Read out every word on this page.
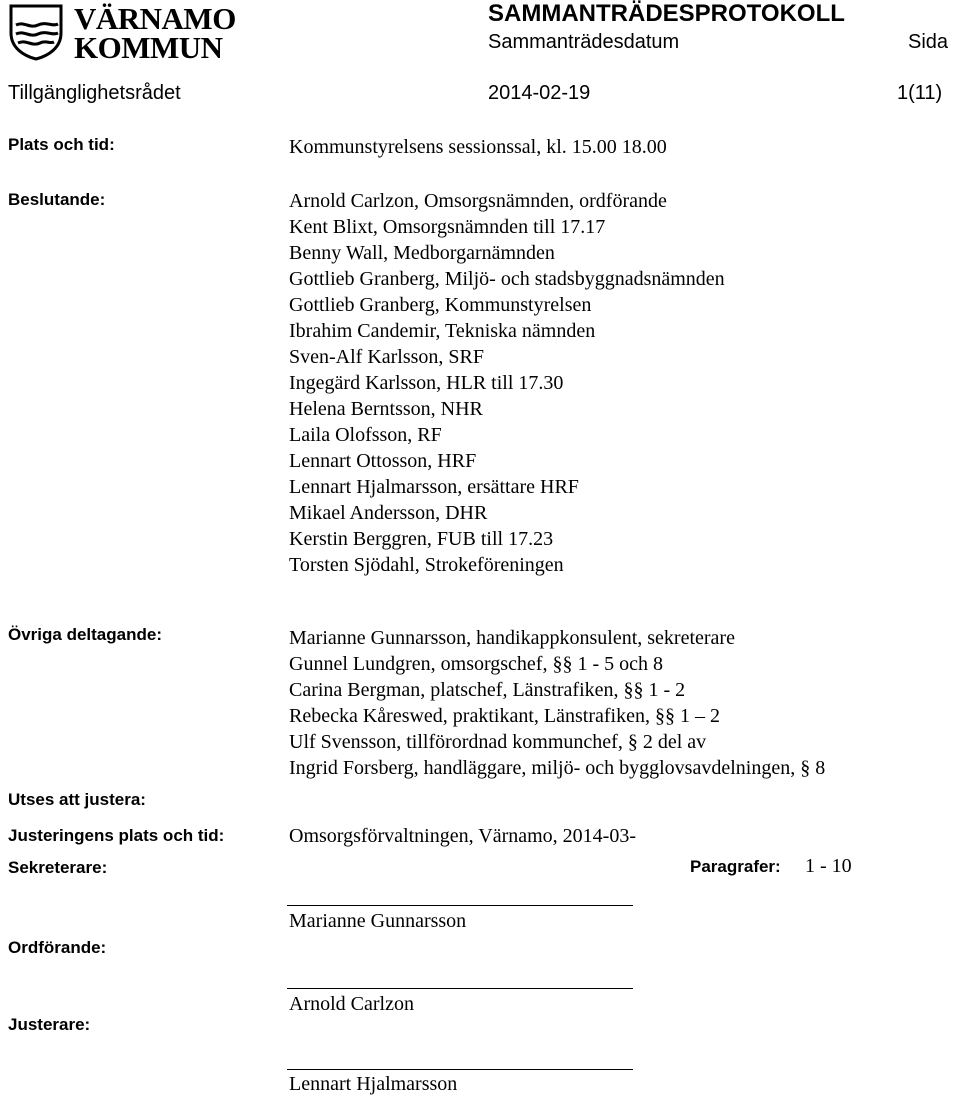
VÄRNAMO
KOMMUN
SAMMANTRÄDESPROTOKOLL
Sammanträdesdatum	Sida
Tillgänglighetsrådet	2014-02-19	1(11)
Plats och tid:	Kommunstyrelsens sessionssal, kl. 15.00 18.00
Beslutande:	Arnold Carlzon, Omsorgsnämnden, ordförande
Kent Blixt, Omsorgsnämnden till 17.17
Benny Wall, Medborgarnämnden
Gottlieb Granberg, Miljö- och stadsbyggnadsnämnden
Gottlieb Granberg, Kommunstyrelsen
Ibrahim Candemir, Tekniska nämnden
Sven-Alf Karlsson, SRF
Ingegärd Karlsson, HLR till 17.30
Helena Berntsson, NHR
Laila Olofsson, RF
Lennart Ottosson, HRF
Lennart Hjalmarsson, ersättare HRF
Mikael Andersson, DHR
Kerstin Berggren, FUB till 17.23
Torsten Sjödahl, Strokeföreningen
Övriga deltagande:	Marianne Gunnarsson, handikappkonsulent, sekreterare
Gunnel Lundgren, omsorgschef, §§ 1 - 5 och 8
Carina Bergman, platschef, Länstrafiken, §§ 1 - 2
Rebecka Kåreswed, praktikant, Länstrafiken, §§ 1 – 2
Ulf Svensson, tillförordnad kommunchef, § 2 del av
Ingrid Forsberg, handläggare, miljö- och bygglovsavdelningen, § 8
Utses att justera:
Justeringens plats och tid:	Omsorgsförvaltningen, Värnamo, 2014-03-
Sekreterare:	Paragrafer: 1 - 10
Marianne Gunnarsson
Ordförande:
Arnold Carlzon
Justerare:
Lennart Hjalmarsson
